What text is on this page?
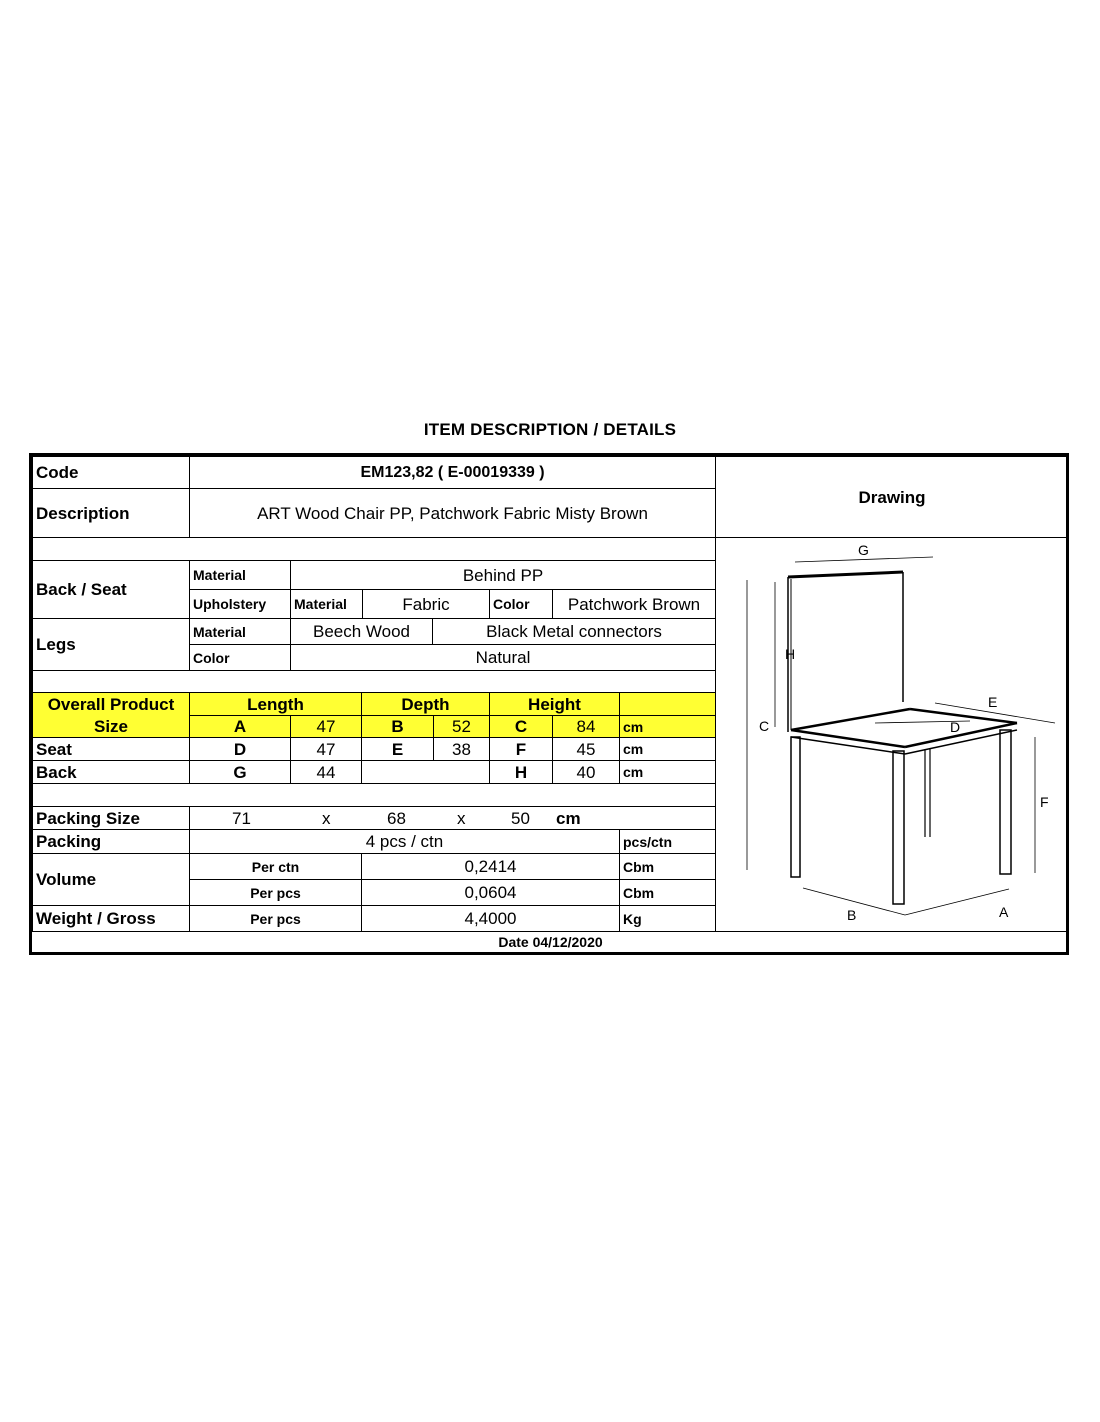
ITEM DESCRIPTION / DETAILS
Code	EM123,82 ( E-00019339 )
Description	ART Wood Chair PP, Patchwork Fabric Misty Brown
Drawing
Back / Seat
Material	Behind PP
Upholstery	Material	Fabric	Color	Patchwork Brown
Legs
Material	Beech Wood	Black Metal connectors
Color	Natural
Overall Product
Size
Length	Depth	Height
A	47	B	52	C	84	cm
Seat	D	47	E	38	F	45	cm
Back	G	44	H	40	cm
Packing Size	71	x	68	x	50 cm
Packing	4 pcs / ctn	pcs/ctn
Volume
Per ctn	0,2414	Cbm
Per pcs	0,0604	Cbm
Weight / Gross	Per pcs	4,4000	Kg
G
H
C
E
D
F
B	A
Date 04/12/2020
